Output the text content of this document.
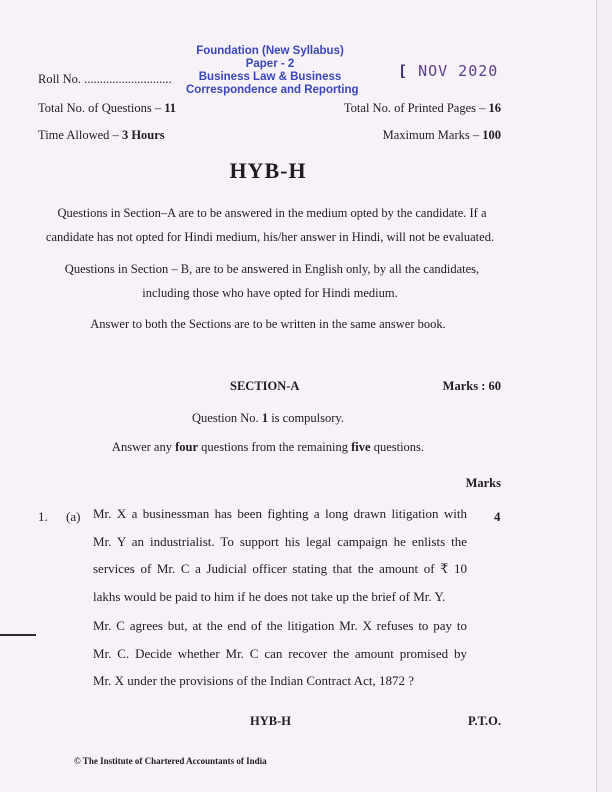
Foundation (New Syllabus)
Paper - 2
Business Law & Business
Correspondence and Reporting
[ NOV 2020
Roll No. ............................
Total No. of Questions – 11	Total No. of Printed Pages – 16
Time Allowed – 3 Hours	Maximum Marks – 100
HYB-H
Questions in Section–A are to be answered in the medium opted by the candidate. If a
candidate has not opted for Hindi medium, his/her answer in Hindi, will not be evaluated.
Questions in Section – B, are to be answered in English only, by all the candidates,
including those who have opted for Hindi medium.
Answer to both the Sections are to be written in the same answer book.
SECTION-A	Marks : 60
Question No. 1 is compulsory.
Answer any four questions from the remaining five questions.
Marks
1. (a)	4
Mr. X a businessman has been fighting a long drawn litigation with
Mr. Y an industrialist. To support his legal campaign he enlists the
services of Mr. C a Judicial officer stating that the amount of ₹ 10
lakhs would be paid to him if he does not take up the brief of Mr. Y.
Mr. C agrees but, at the end of the litigation Mr. X refuses to pay to
Mr. C. Decide whether Mr. C can recover the amount promised by
Mr. X under the provisions of the Indian Contract Act, 1872 ?
HYB-H	P.T.O.
© The Institute of Chartered Accountants of India
